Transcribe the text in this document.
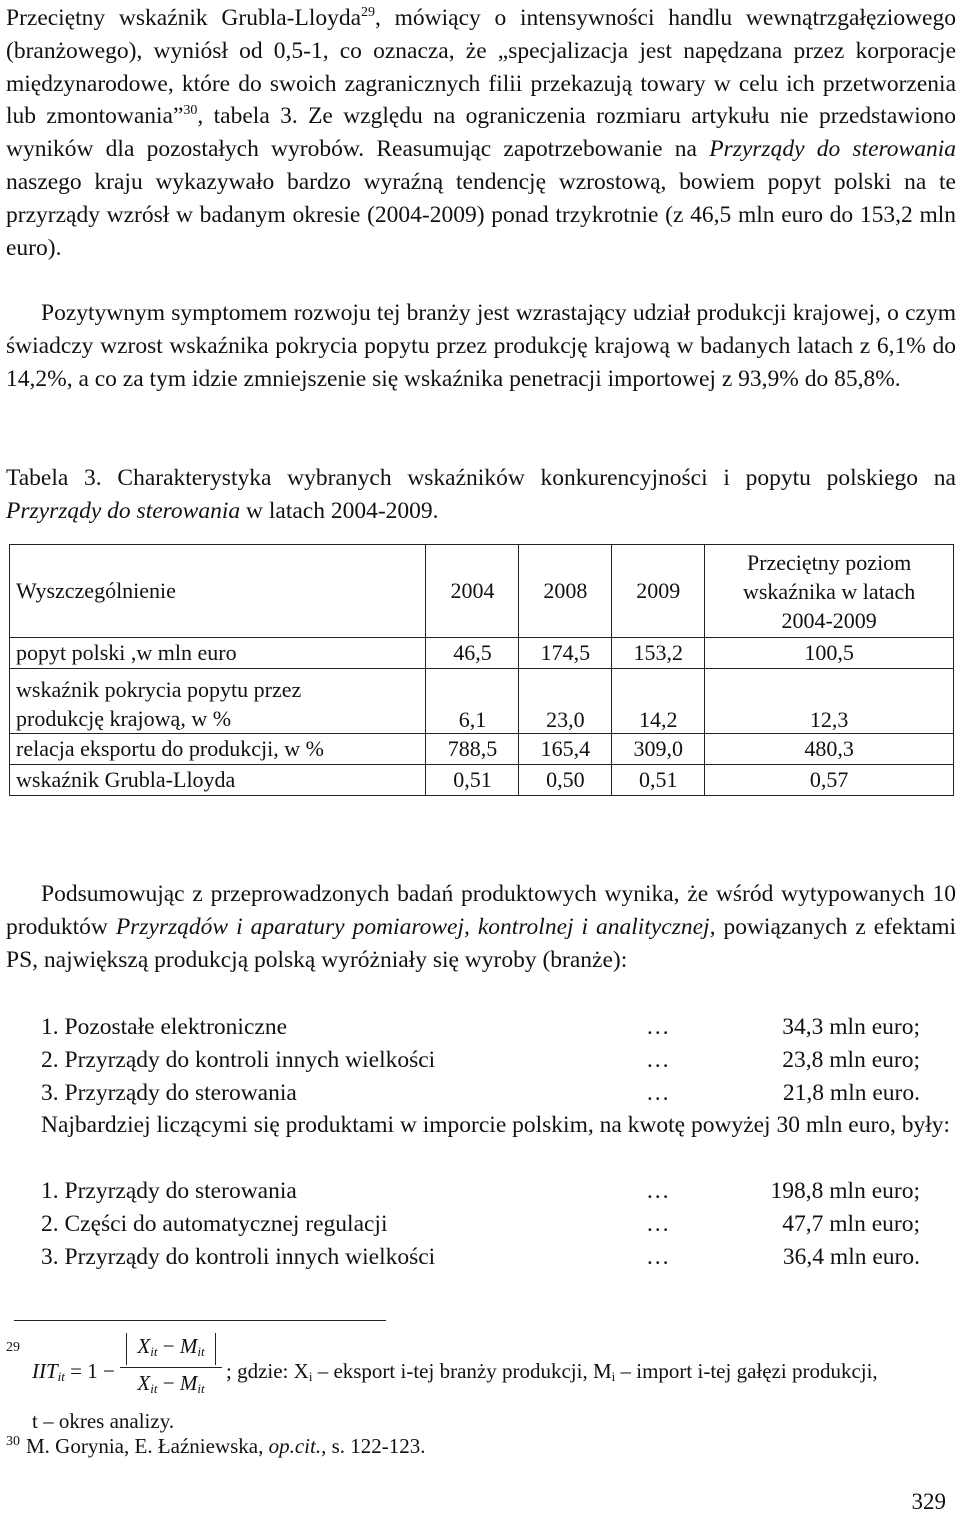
Przeciętny wskaźnik Grubla-Lloyda$^{29}$, mówiący o intensywności handlu wewnątrzgałęziowego (branżowego), wyniósł od 0,5-1, co oznacza, że „specjalizacja jest napędzana przez korporacje międzynarodowe, które do swoich zagranicznych filii przekazują towary w celu ich przetworzenia lub zmontowania”$^{30}$, tabela 3. Ze względu na ograniczenia rozmiaru artykułu nie przedstawiono wyników dla pozostałych wyrobów. Reasumując zapotrzebowanie na Przyrządy do sterowania naszego kraju wykazywało bardzo wyraźną tendencję wzrostową, bowiem popyt polski na te przyrządy wzrósł w badanym okresie (2004-2009) ponad trzykrotnie (z 46,5 mln euro do 153,2 mln euro).

Pozytywnym symptomem rozwoju tej branży jest wzrastający udział produkcji krajowej, o czym świadczy wzrost wskaźnika pokrycia popytu przez produkcję krajową w badanych latach z 6,1% do 14,2%, a co za tym idzie zmniejszenie się wskaźnika penetracji importowej z 93,9% do 85,8%.

Tabela 3. Charakterystyka wybranych wskaźników konkurencyjności i popytu polskiego na Przyrządy do sterowania w latach 2004-2009.

Wyszczególnienie	2004	2008	2009	Przeciętny poziom
wskaźnika w latach
2004-2009

popyt polski ,w mln euro	46,5	174,5	153,2	100,5

wskaźnik pokrycia popytu przez
produkcję krajową, w %	6,1	23,0	14,2	12,3
relacja eksportu do produkcji, w %	788,5	165,4	309,0	480,3
wskaźnik Grubla-Lloyda	0,51	0,50	0,51	0,57

Podsumowując z przeprowadzonych badań produktowych wynika, że wśród wytypowanych 10 produktów Przyrządów i aparatury pomiarowej, kontrolnej i analitycznej, powiązanych z efektami PS, największą produkcją polską wyróżniały się wyroby (branże):

1. Pozostałe elektroniczne	…	34,3 mln euro;
2. Przyrządy do kontroli innych wielkości	…	23,8 mln euro;
3. Przyrządy do sterowania	…	21,8 mln euro.

Najbardziej liczącymi się produktami w imporcie polskim, na kwotę powyżej 30 mln euro, były:

1. Przyrządy do sterowania	…	198,8 mln euro;
2. Części do automatycznej regulacji	…	47,7 mln euro;
3. Przyrządy do kontroli innych wielkości	…	36,4 mln euro.
29
$IIT_{it} = 1$ −
$X_{it} - M_{it}$
$X_{it} - M_{it}$
; gdzie: $X_i$ – eksport i-tej branży produkcji, $M_i$ – import i-tej gałęzi produkcji,
t – okres analizy.
$^{30}$ M. Gorynia, E. Łaźniewska, op.cit., s. 122-123.
329
